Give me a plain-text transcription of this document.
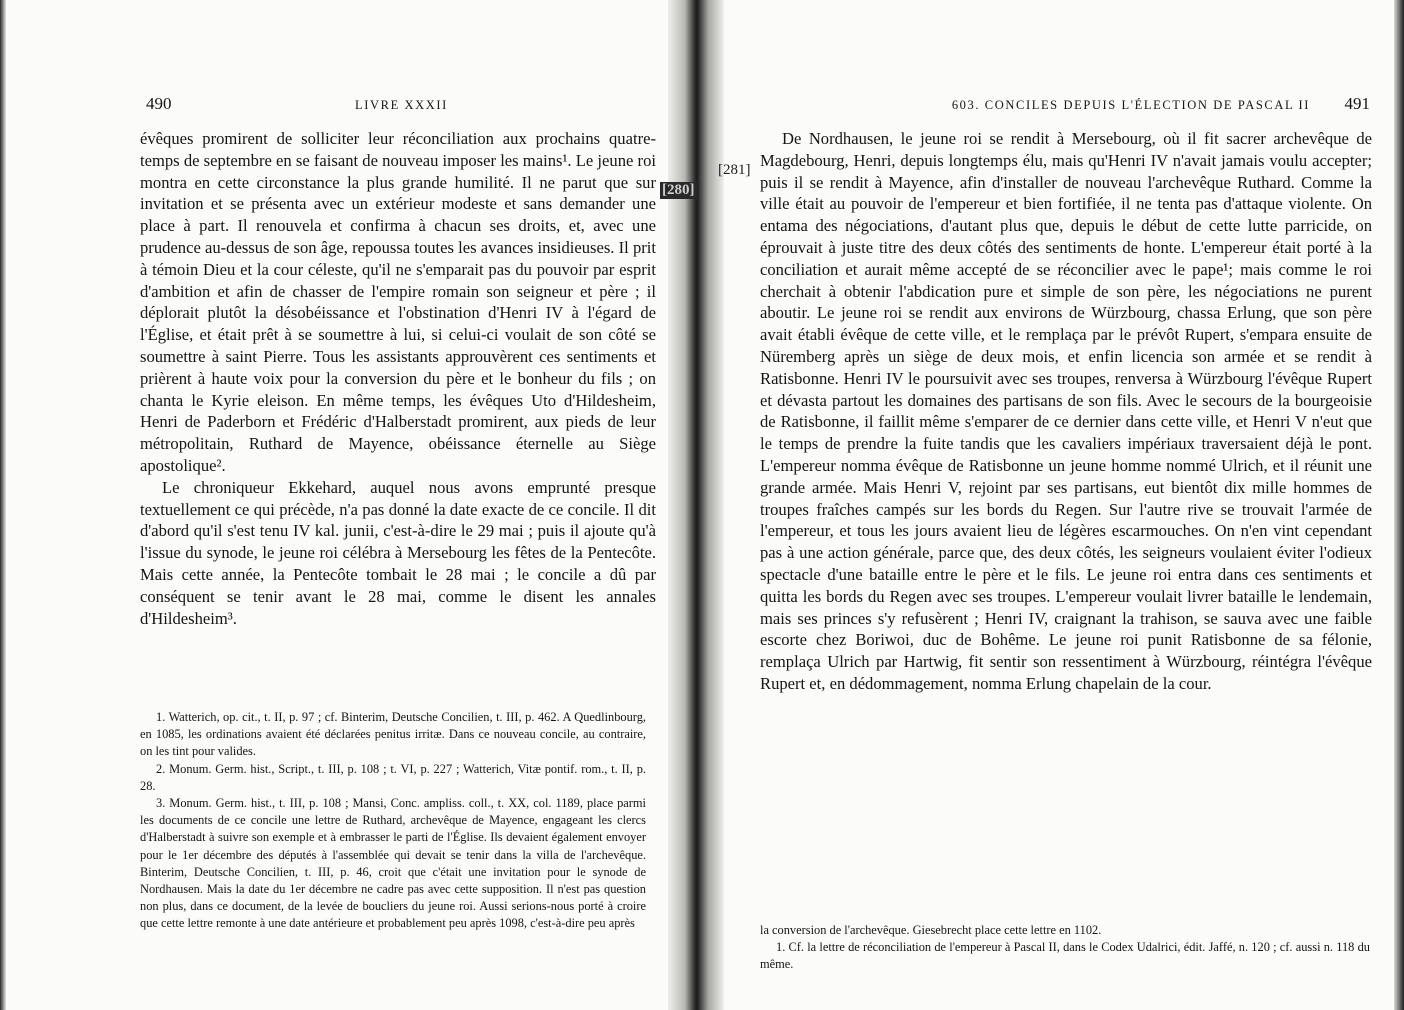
490	LIVRE XXXII

évêques promirent de solliciter leur réconciliation aux prochains quatre-temps de septembre en se faisant de nouveau imposer les mains¹. Le jeune roi montra en cette circonstance la plus grande humilité. Il ne parut que sur invitation et se présenta avec un extérieur modeste et sans demander une place à part. Il renouvela et confirma à chacun ses droits, et, avec une prudence au-dessus de son âge, repoussa toutes les avances insidieuses. Il prit à témoin Dieu et la cour céleste, qu'il ne s'emparait pas du pouvoir par esprit d'ambition et afin de chasser de l'empire romain son seigneur et père ; il déplorait plutôt la désobéissance et l'obstination d'Henri IV à l'égard de l'Église, et était prêt à se soumettre à lui, si celui-ci voulait de son côté se soumettre à saint Pierre. Tous les assistants approuvèrent ces sentiments et prièrent à haute voix pour la conversion du père et le bonheur du fils ; on chanta le Kyrie eleison. En même temps, les évêques Uto d'Hildesheim, Henri de Paderborn et Frédéric d'Halberstadt promirent, aux pieds de leur métropolitain, Ruthard de Mayence, obéissance éternelle au Siège apostolique².

Le chroniqueur Ekkehard, auquel nous avons emprunté presque textuellement ce qui précède, n'a pas donné la date exacte de ce concile. Il dit d'abord qu'il s'est tenu IV kal. junii, c'est-à-dire le 29 mai ; puis il ajoute qu'à l'issue du synode, le jeune roi célébra à Mersebourg les fêtes de la Pentecôte. Mais cette année, la Pentecôte tombait le 28 mai ; le concile a dû par conséquent se tenir avant le 28 mai, comme le disent les annales d'Hildesheim³.

1. Watterich, op. cit., t. II, p. 97 ; cf. Binterim, Deutsche Concilien, t. III, p. 462. A Quedlinbourg, en 1085, les ordinations avaient été déclarées penitus irritæ. Dans ce nouveau concile, au contraire, on les tint pour valides.

2. Monum. Germ. hist., Script., t. III, p. 108 ; t. VI, p. 227 ; Watterich, Vitæ pontif. rom., t. II, p. 28.

3. Monum. Germ. hist., t. III, p. 108 ; Mansi, Conc. ampliss. coll., t. XX, col. 1189, place parmi les documents de ce concile une lettre de Ruthard, archevêque de Mayence, engageant les clercs d'Halberstadt à suivre son exemple et à embrasser le parti de l'Église. Ils devaient également envoyer pour le 1er décembre des députés à l'assemblée qui devait se tenir dans la villa de l'archevêque. Binterim, Deutsche Concilien, t. III, p. 46, croit que c'était une invitation pour le synode de Nordhausen. Mais la date du 1er décembre ne cadre pas avec cette supposition. Il n'est pas question non plus, dans ce document, de la levée de boucliers du jeune roi. Aussi serions-nous porté à croire que cette lettre remonte à une date antérieure et probablement peu après 1098, c'est-à-dire peu après

[280]
[281]
603. CONCILES DEPUIS L'ÉLECTION DE PASCAL II 491

De Nordhausen, le jeune roi se rendit à Mersebourg, où il fit sacrer archevêque de Magdebourg, Henri, depuis longtemps élu, mais qu'Henri IV n'avait jamais voulu accepter; puis il se rendit à Mayence, afin d'installer de nouveau l'archevêque Ruthard. Comme la ville était au pouvoir de l'empereur et bien fortifiée, il ne tenta pas d'attaque violente. On entama des négociations, d'autant plus que, depuis le début de cette lutte parricide, on éprouvait à juste titre des deux côtés des sentiments de honte. L'empereur était porté à la conciliation et aurait même accepté de se réconcilier avec le pape¹; mais comme le roi cherchait à obtenir l'abdication pure et simple de son père, les négociations ne purent aboutir. Le jeune roi se rendit aux environs de Würzbourg, chassa Erlung, que son père avait établi évêque de cette ville, et le remplaça par le prévôt Rupert, s'empara ensuite de Nüremberg après un siège de deux mois, et enfin licencia son armée et se rendit à Ratisbonne. Henri IV le poursuivit avec ses troupes, renversa à Würzbourg l'évêque Rupert et dévasta partout les domaines des partisans de son fils. Avec le secours de la bourgeoisie de Ratisbonne, il faillit même s'emparer de ce dernier dans cette ville, et Henri V n'eut que le temps de prendre la fuite tandis que les cavaliers impériaux traversaient déjà le pont. L'empereur nomma évêque de Ratisbonne un jeune homme nommé Ulrich, et il réunit une grande armée. Mais Henri V, rejoint par ses partisans, eut bientôt dix mille hommes de troupes fraîches campés sur les bords du Regen. Sur l'autre rive se trouvait l'armée de l'empereur, et tous les jours avaient lieu de légères escarmouches. On n'en vint cependant pas à une action générale, parce que, des deux côtés, les seigneurs voulaient éviter l'odieux spectacle d'une bataille entre le père et le fils. Le jeune roi entra dans ces sentiments et quitta les bords du Regen avec ses troupes. L'empereur voulait livrer bataille le lendemain, mais ses princes s'y refusèrent ; Henri IV, craignant la trahison, se sauva avec une faible escorte chez Boriwoi, duc de Bohême. Le jeune roi punit Ratisbonne de sa félonie, remplaça Ulrich par Hartwig, fit sentir son ressentiment à Würzbourg, réintégra l'évêque Rupert et, en dédommagement, nomma Erlung chapelain de la cour.

la conversion de l'archevêque. Giesebrecht place cette lettre en 1102.

1. Cf. la lettre de réconciliation de l'empereur à Pascal II, dans le Codex Udalrici, édit. Jaffé, n. 120 ; cf. aussi n. 118 du même.
